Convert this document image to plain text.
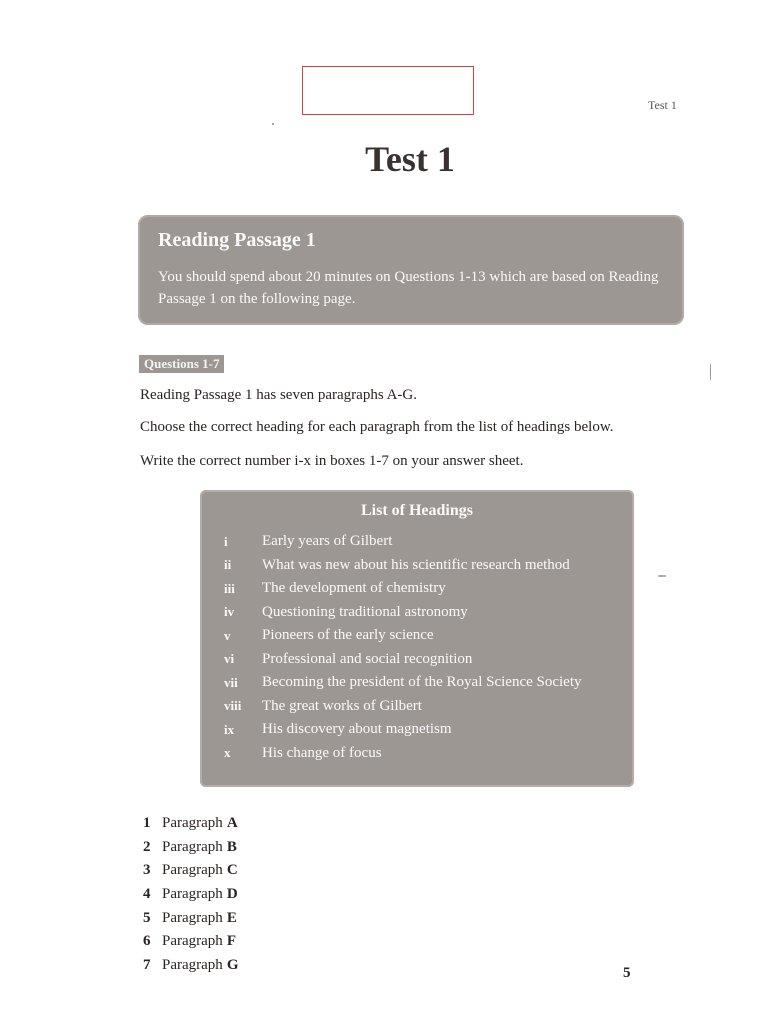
Test 1
Test 1
Reading Passage 1
You should spend about 20 minutes on Questions 1-13 which are based on Reading Passage 1 on the following page.
Questions 1-7
Reading Passage 1 has seven paragraphs A-G.
Choose the correct heading for each paragraph from the list of headings below.
Write the correct number i-x in boxes 1-7 on your answer sheet.
List of Headings
i	Early years of Gilbert
ii	What was new about his scientific research method
iii	The development of chemistry
iv	Questioning traditional astronomy
v	Pioneers of the early science
vi	Professional and social recognition
vii	Becoming the president of the Royal Science Society
viii	The great works of Gilbert
ix	His discovery about magnetism
x	His change of focus
1 Paragraph A
2 Paragraph B
3 Paragraph C
4 Paragraph D
5 Paragraph E
6 Paragraph F
7 Paragraph G
5
